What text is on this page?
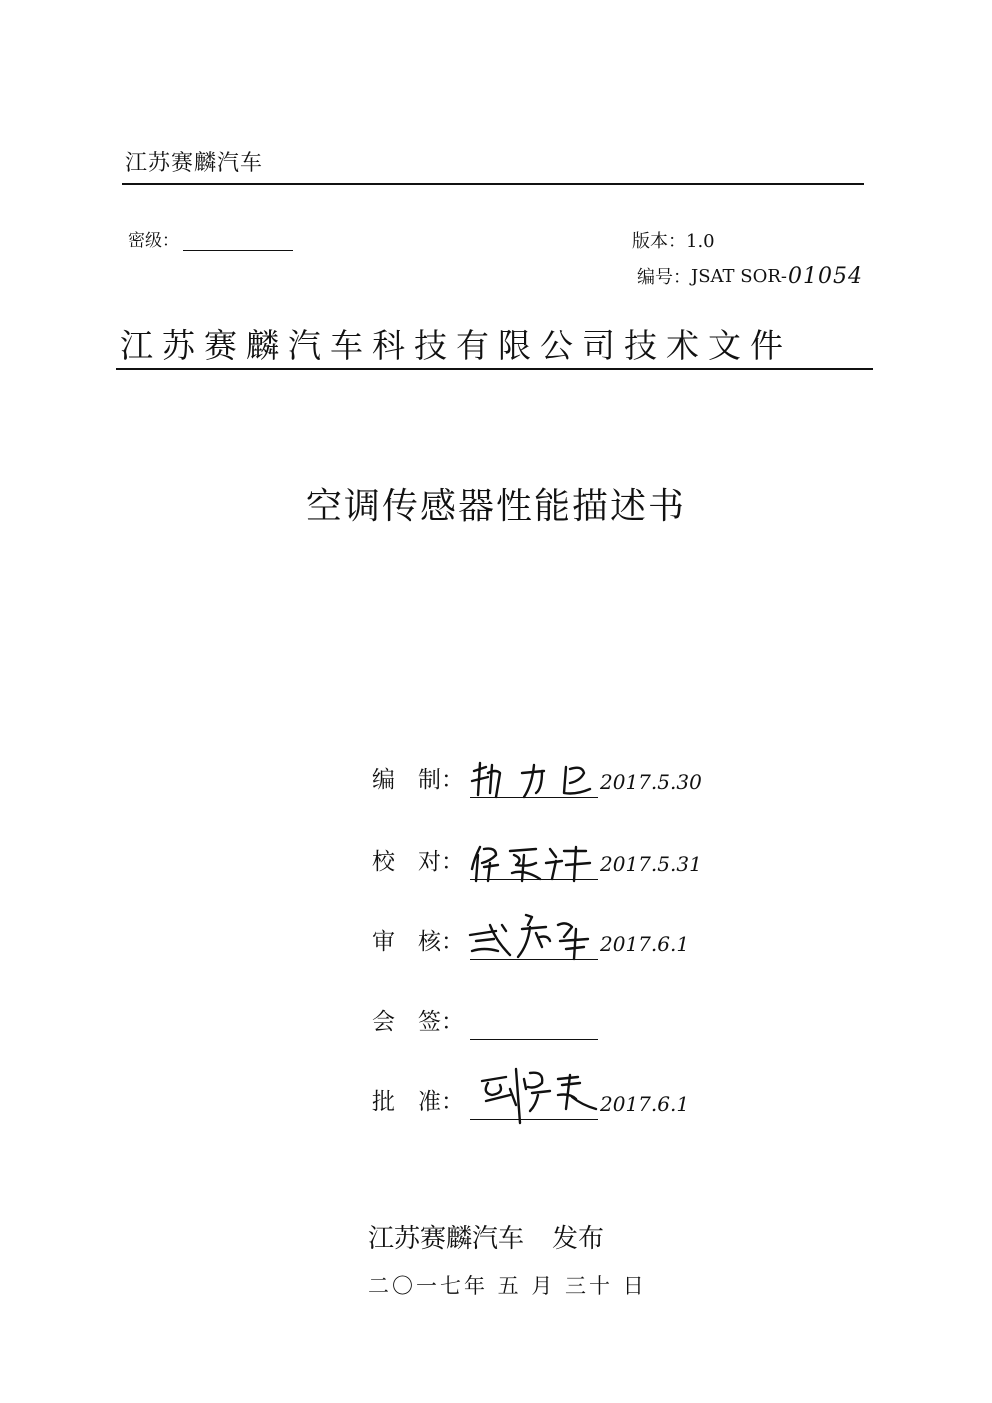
江苏赛麟汽车
密级：	版本：1.0
编号： JSAT SOR- 01054
江苏赛麟汽车科技有限公司技术文件
空调传感器性能描述书
编 制：	2017.5.30
校 对：	2017.5.31
审 核：	2017.6.1
会 签：
批 准：	2017.6.1
江苏赛麟汽车 发布
二〇一七年 五 月 三十 日
